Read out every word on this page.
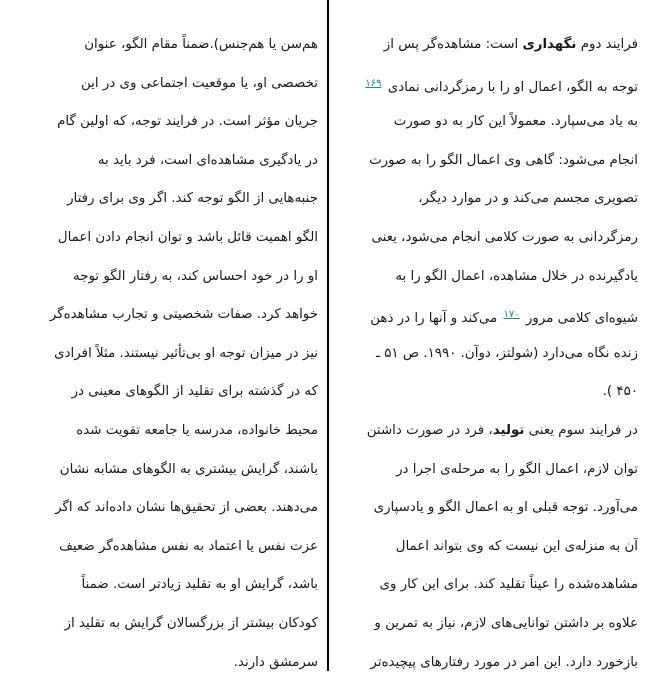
هم‌سن یا هم‌جنس).ضمناً مقام الگو، عنوان
تخصصی او، یا موقعیت اجتماعی وی در این
جریان مؤثر است. در فرایند توجه، که اولین گام
در یادگیری مشاهده‌ای است، فرد باید به
جنبه‌هایی از الگو توجه کند. اگر وی برای رفتار
الگو اهمیت قائل باشد و توان انجام دادن اعمال
او را در خود احساس کند، به رفتار الگو توجه
خواهد کرد. صفات شخصیتی و تجارب مشاهده‌گر
نیز در میزان توجه او بی‌تأثیر نیستند. مثلاً افرادی
که در گذشته برای تقلید از الگوهای معینی در
محیط خانواده، مدرسه یا جامعه تقویت شده
باشند، گرایش بیشتری به الگوهای مشابه نشان
می‌دهند. بعضی از تحقیق‌ها نشان داده‌اند که اگر
عزت نفس یا اعتماد به نفس مشاهده‌گر ضعیف
باشد، گرایش او به تقلید زیادتر است. ضمناً
کودکان بیشتر از بزرگسالان گرایش به تقلید از
سرمشق دارند.
فرایند دوم نگهداری است: مشاهده‌گر پس از
توجه به الگو، اعمال او را با رمزگردانی نمادی $^{۱۶۹}$
به یاد می‌سپارد. معمولاً این کار به دو صورت
انجام می‌شود: گاهی وی اعمال الگو را به صورت
تصویری مجسم می‌کند و در موارد دیگر،
رمزگردانی به صورت کلامی انجام می‌شود، یعنی
یادگیرنده در خلال مشاهده، اعمال الگو را به
شیوه‌ای کلامی مرور $^{۱۷۰}$ می‌کند و آنها را در ذهن
زنده نگاه می‌دارد (شولتز، دوآن. ۱۹۹۰. ص ۵۱ ـ
۴۵۰ ).
در فرایند سوم یعنی تولید، فرد در صورت داشتن
توان لازم، اعمال الگو را به مرحله‌ی اجرا در
می‌آورد. توجه قبلی او به اعمال الگو و یادسپاری
آن به منزله‌ی این نیست که وی بتواند اعمال
مشاهده‌شده را عیناً تقلید کند. برای این کار وی
علاوه بر داشتن توانایی‌های لازم، نیاز به تمرین و
بازخورد دارد. این امر در مورد رفتارهای پیچیده‌تر
